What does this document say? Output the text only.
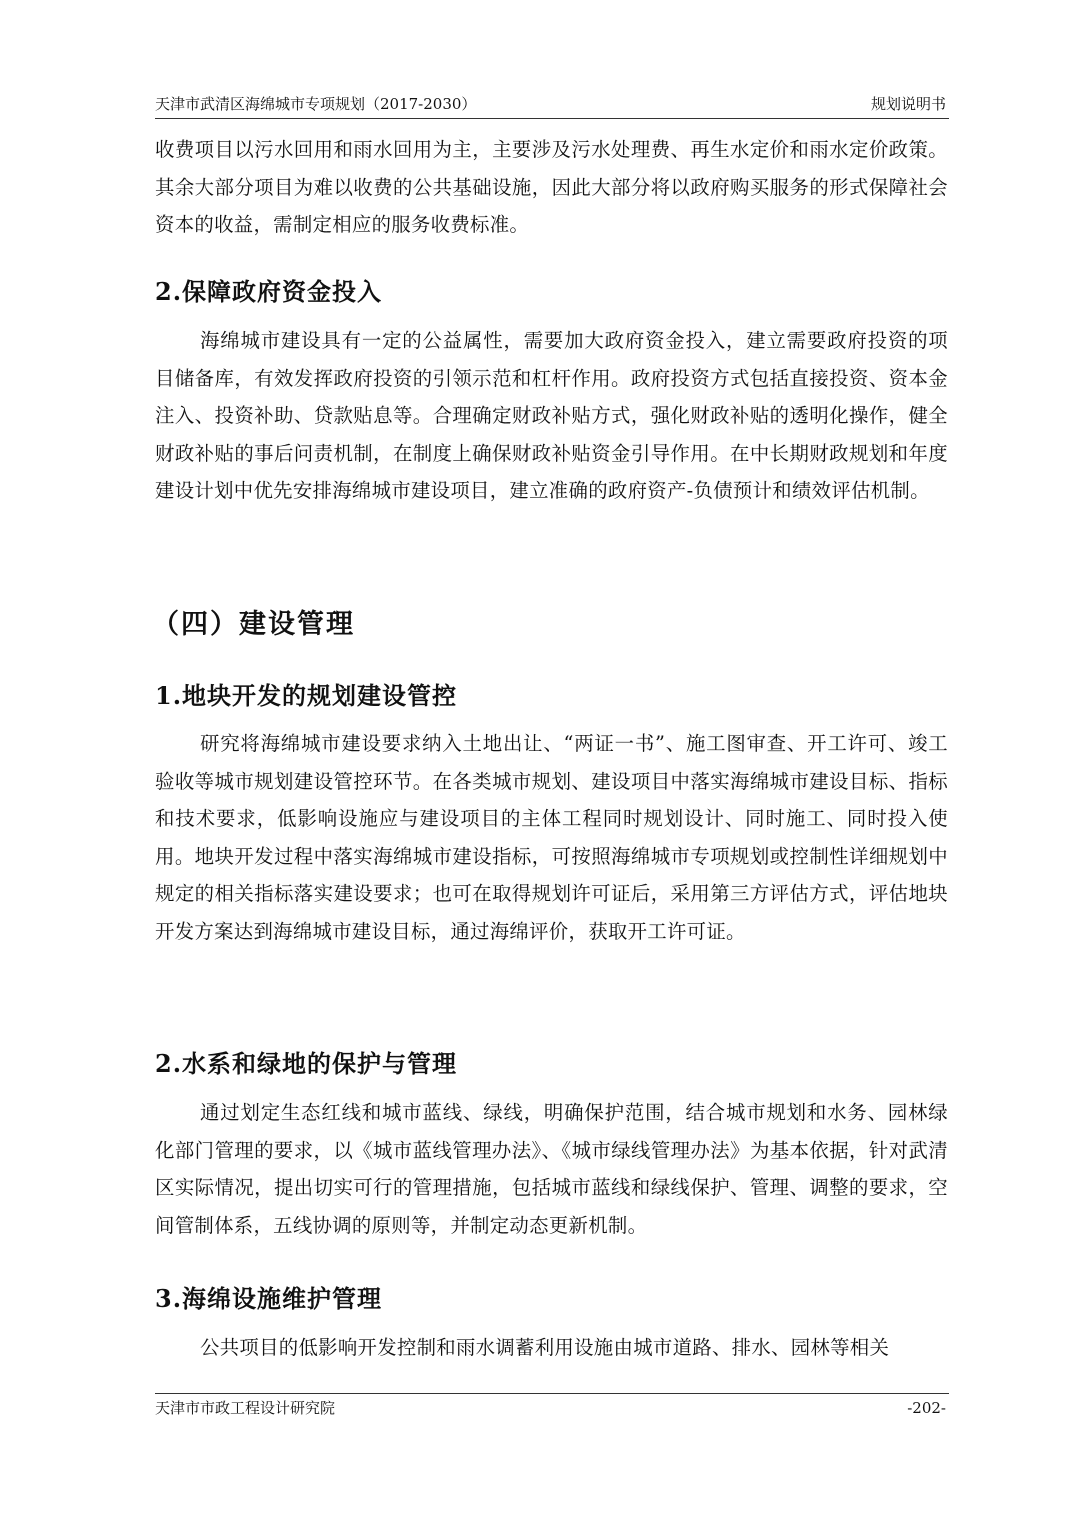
天津市武清区海绵城市专项规划（2017-2030）	规划说明书
收费项目以污水回用和雨水回用为主，主要涉及污水处理费、再生水定价和雨水定价政策。其余大部分项目为难以收费的公共基础设施，因此大部分将以政府购买服务的形式保障社会资本的收益，需制定相应的服务收费标准。
2.保障政府资金投入
海绵城市建设具有一定的公益属性，需要加大政府资金投入，建立需要政府投资的项目储备库，有效发挥政府投资的引领示范和杠杆作用。政府投资方式包括直接投资、资本金注入、投资补助、贷款贴息等。合理确定财政补贴方式，强化财政补贴的透明化操作，健全财政补贴的事后问责机制，在制度上确保财政补贴资金引导作用。在中长期财政规划和年度建设计划中优先安排海绵城市建设项目，建立准确的政府资产-负债预计和绩效评估机制。
（四）建设管理
1.地块开发的规划建设管控
研究将海绵城市建设要求纳入土地出让、“两证一书”、施工图审查、开工许可、竣工验收等城市规划建设管控环节。在各类城市规划、建设项目中落实海绵城市建设目标、指标和技术要求，低影响设施应与建设项目的主体工程同时规划设计、同时施工、同时投入使用。地块开发过程中落实海绵城市建设指标，可按照海绵城市专项规划或控制性详细规划中规定的相关指标落实建设要求；也可在取得规划许可证后，采用第三方评估方式，评估地块开发方案达到海绵城市建设目标，通过海绵评价，获取开工许可证。
2.水系和绿地的保护与管理
通过划定生态红线和城市蓝线、绿线，明确保护范围，结合城市规划和水务、园林绿化部门管理的要求，以《城市蓝线管理办法》、《城市绿线管理办法》为基本依据，针对武清区实际情况，提出切实可行的管理措施，包括城市蓝线和绿线保护、管理、调整的要求，空间管制体系，五线协调的原则等，并制定动态更新机制。
3.海绵设施维护管理
公共项目的低影响开发控制和雨水调蓄利用设施由城市道路、排水、园林等相关
天津市市政工程设计研究院	-202-
